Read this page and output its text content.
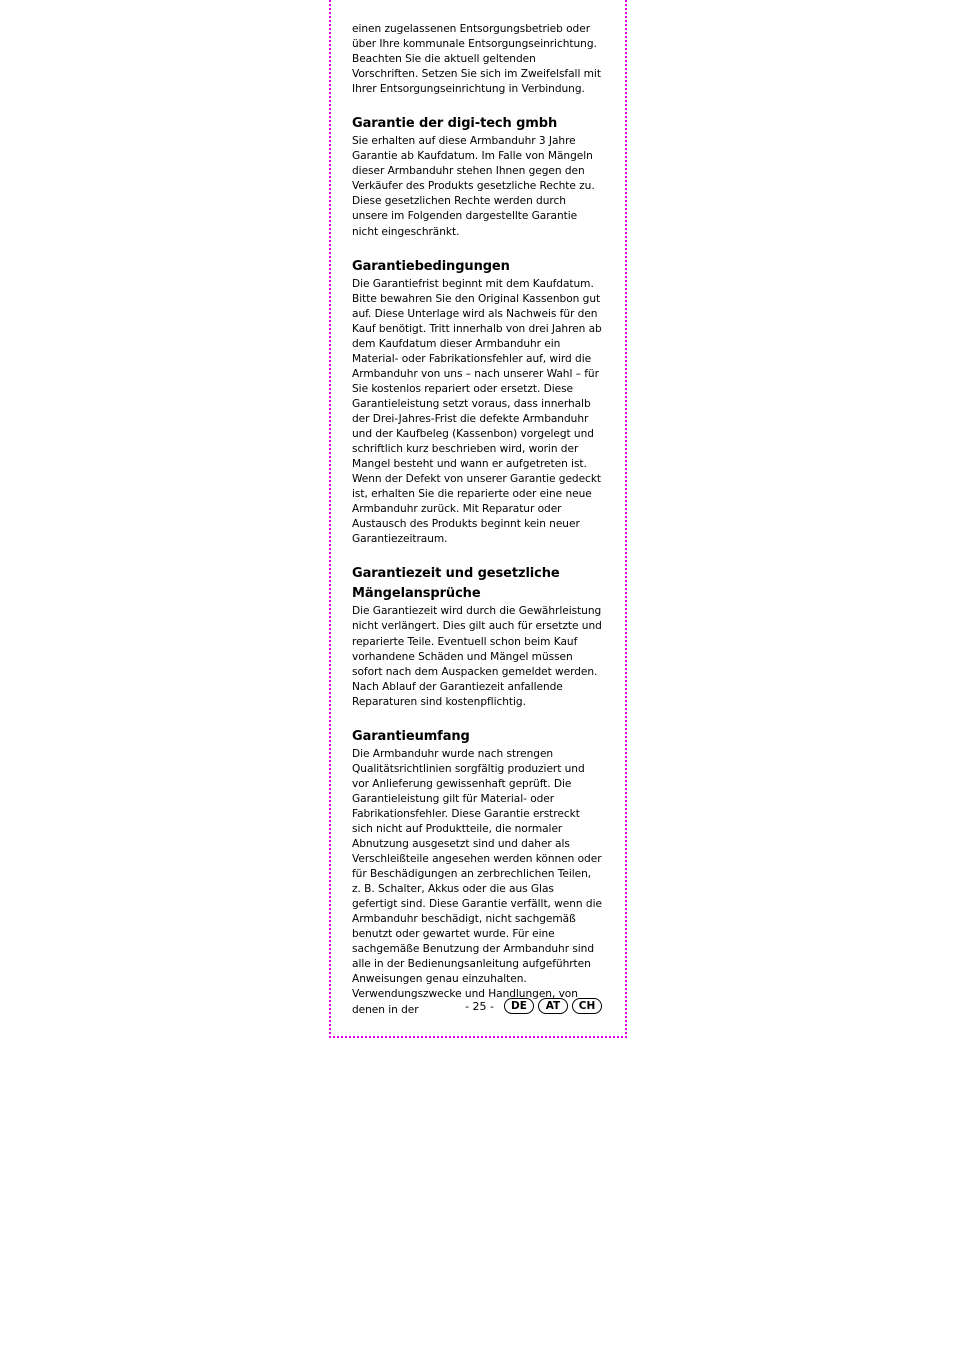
einen zugelassenen Entsorgungsbetrieb oder über Ihre kommunale Entsorgungseinrichtung. Beachten Sie die aktuell geltenden Vorschriften. Setzen Sie sich im Zweifelsfall mit Ihrer Entsorgungseinrichtung in Verbindung.

Garantie der digi-tech gmbh

Sie erhalten auf diese Armbanduhr 3 Jahre Garantie ab Kaufdatum. Im Falle von Mängeln dieser Armbanduhr stehen Ihnen gegen den Verkäufer des Produkts gesetzliche Rechte zu. Diese gesetzlichen Rechte werden durch unsere im Folgenden dargestellte Garantie nicht eingeschränkt.

Garantiebedingungen

Die Garantiefrist beginnt mit dem Kaufdatum. Bitte bewahren Sie den Original Kassenbon gut auf. Diese Unterlage wird als Nachweis für den Kauf benötigt. Tritt innerhalb von drei Jahren ab dem Kaufdatum dieser Armbanduhr ein Material- oder Fabrikationsfehler auf, wird die Armbanduhr von uns – nach unserer Wahl – für Sie kostenlos repariert oder ersetzt. Diese Garantieleistung setzt voraus, dass innerhalb der Drei-Jahres-Frist die defekte Armbanduhr und der Kaufbeleg (Kassenbon) vorgelegt und schriftlich kurz beschrieben wird, worin der Mangel besteht und wann er aufgetreten ist. Wenn der Defekt von unserer Garantie gedeckt ist, erhalten Sie die reparierte oder eine neue Armbanduhr zurück. Mit Reparatur oder Austausch des Produkts beginnt kein neuer Garantiezeitraum.

Garantiezeit und gesetzliche Mängelansprüche

Die Garantiezeit wird durch die Gewährleistung nicht verlängert. Dies gilt auch für ersetzte und reparierte Teile. Eventuell schon beim Kauf vorhandene Schäden und Mängel müssen sofort nach dem Auspacken gemeldet werden. Nach Ablauf der Garantiezeit anfallende Reparaturen sind kostenpflichtig.

Garantieumfang

Die Armbanduhr wurde nach strengen Qualitätsrichtlinien sorgfältig produziert und vor Anlieferung gewissenhaft geprüft. Die Garantieleistung gilt für Material- oder Fabrikationsfehler. Diese Garantie erstreckt sich nicht auf Produktteile, die normaler Abnutzung ausgesetzt sind und daher als Verschleißteile angesehen werden können oder für Beschädigungen an zerbrechlichen Teilen, z. B. Schalter, Akkus oder die aus Glas gefertigt sind. Diese Garantie verfällt, wenn die Armbanduhr beschädigt, nicht sachgemäß benutzt oder gewartet wurde. Für eine sachgemäße Benutzung der Armbanduhr sind alle in der Bedienungsanleitung aufgeführten Anweisungen genau einzuhalten. Verwendungszwecke und Handlungen, von denen in der	- 25 -	DE	AT	CH
